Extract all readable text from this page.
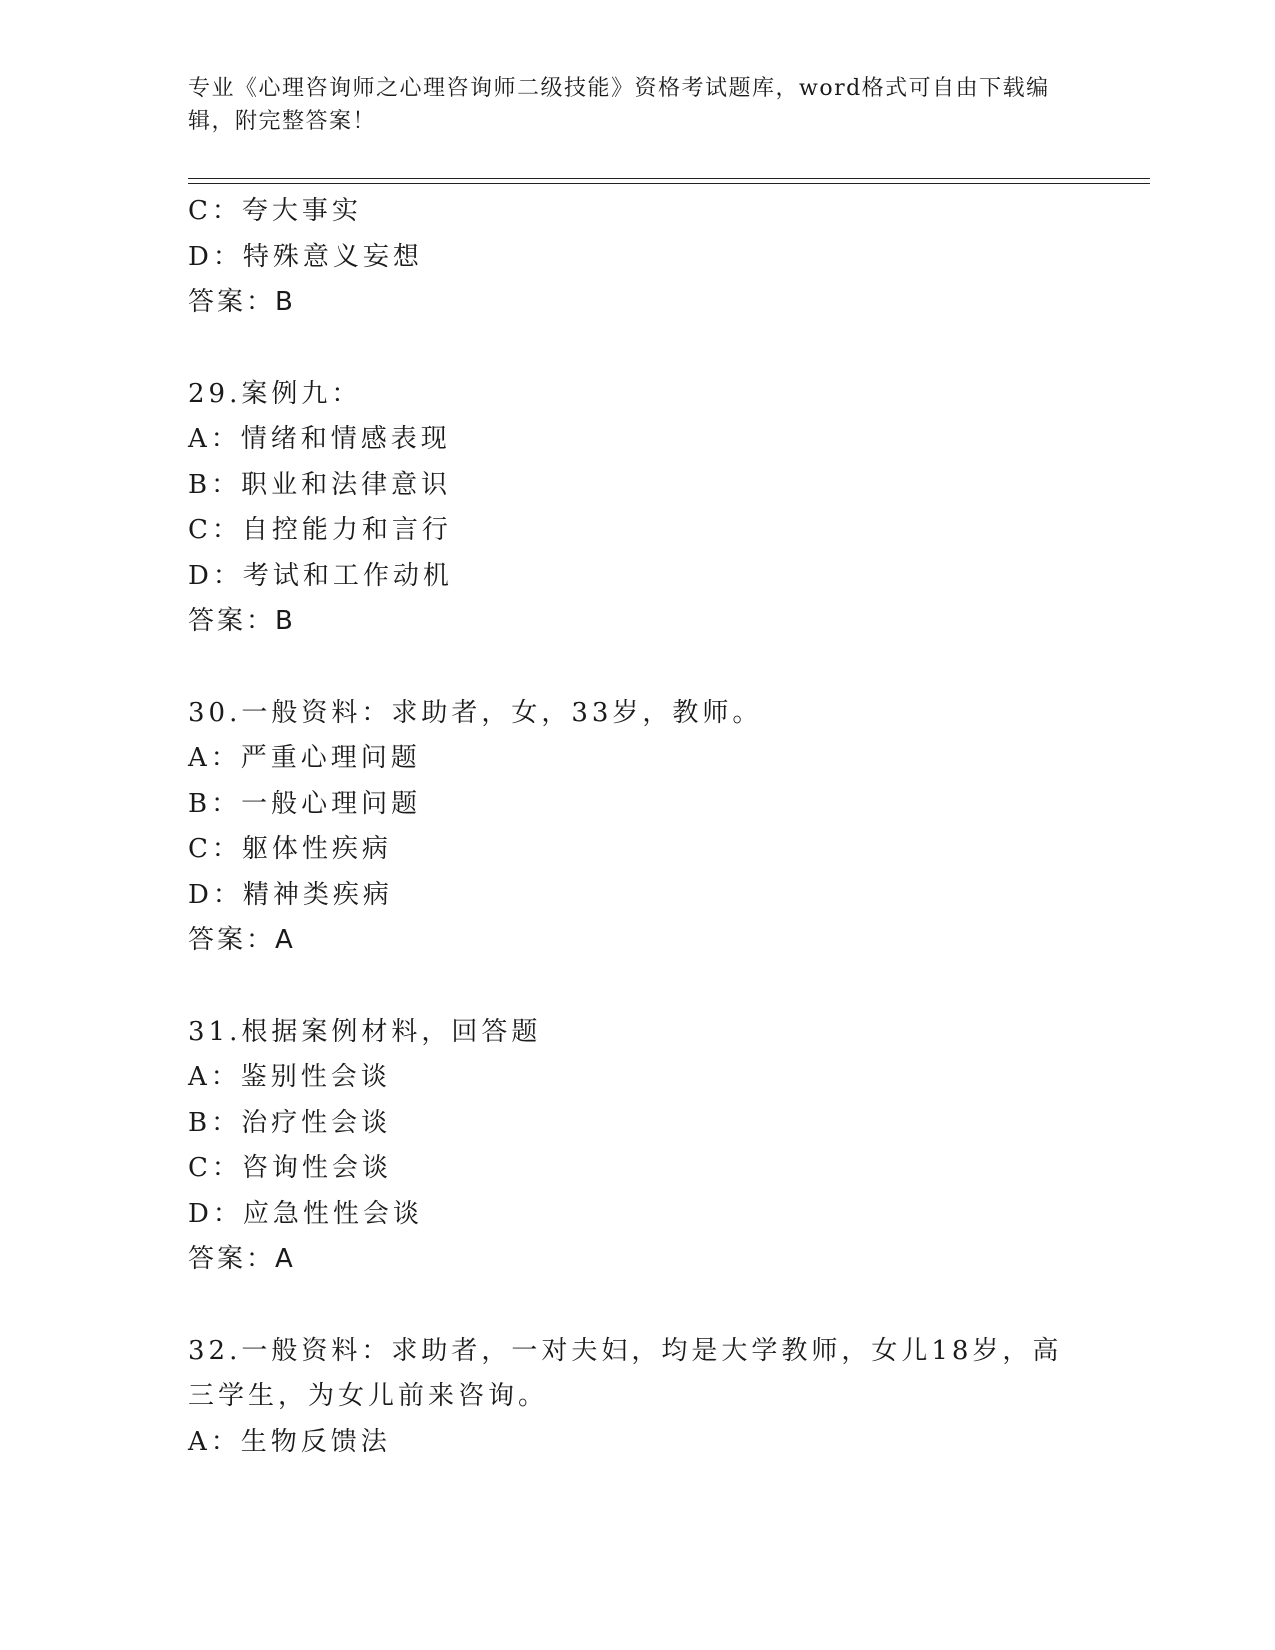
专业《心理咨询师之心理咨询师二级技能》资格考试题库，word格式可自由下载编辑，附完整答案！
C：夸大事实
D：特殊意义妄想
答案：B
29.案例九：
A：情绪和情感表现
B：职业和法律意识
C：自控能力和言行
D：考试和工作动机
答案：B
30.一般资料：求助者，女，33岁，教师。
A：严重心理问题
B：一般心理问题
C：躯体性疾病
D：精神类疾病
答案：A
31.根据案例材料，回答题
A：鉴别性会谈
B：治疗性会谈
C：咨询性会谈
D：应急性性会谈
答案：A
32.一般资料：求助者，一对夫妇，均是大学教师，女儿18岁，高三学生，为女儿前来咨询。
A：生物反馈法
